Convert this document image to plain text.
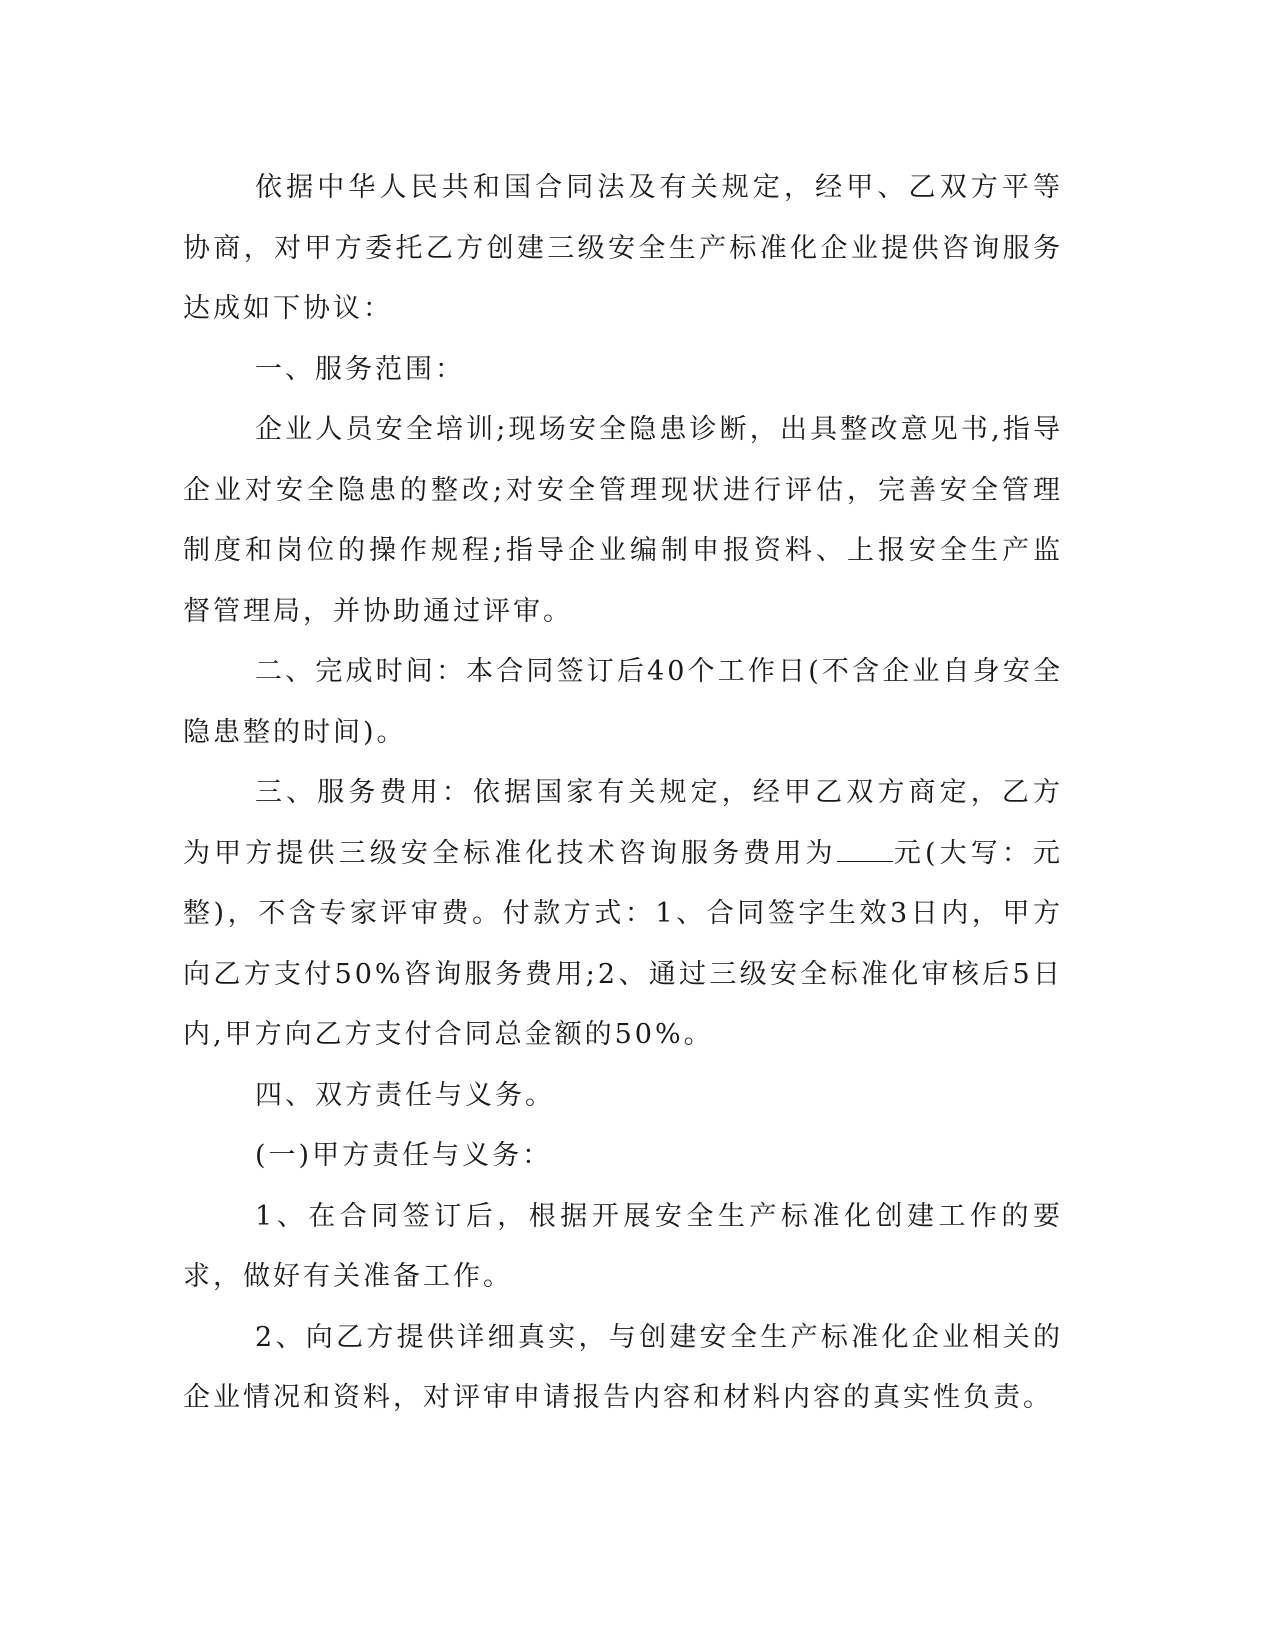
依据中华人民共和国合同法及有关规定，经甲、乙双方平等协商，对甲方委托乙方创建三级安全生产标准化企业提供咨询服务达成如下协议：

一、服务范围：

企业人员安全培训;现场安全隐患诊断，出具整改意见书,指导企业对安全隐患的整改;对安全管理现状进行评估，完善安全管理制度和岗位的操作规程;指导企业编制申报资料、上报安全生产监督管理局，并协助通过评审。

二、完成时间：本合同签订后40个工作日(不含企业自身安全隐患整的时间)。

三、服务费用：依据国家有关规定，经甲乙双方商定，乙方为甲方提供三级安全标准化技术咨询服务费用为 元(大写：元整)，不含专家评审费。付款方式：1、合同签字生效3日内，甲方向乙方支付50%咨询服务费用;2、通过三级安全标准化审核后5日内,甲方向乙方支付合同总金额的50%。

四、双方责任与义务。

(一)甲方责任与义务：

1、在合同签订后，根据开展安全生产标准化创建工作的要求，做好有关准备工作。

2、向乙方提供详细真实，与创建安全生产标准化企业相关的企业情况和资料，对评审申请报告内容和材料内容的真实性负责。
